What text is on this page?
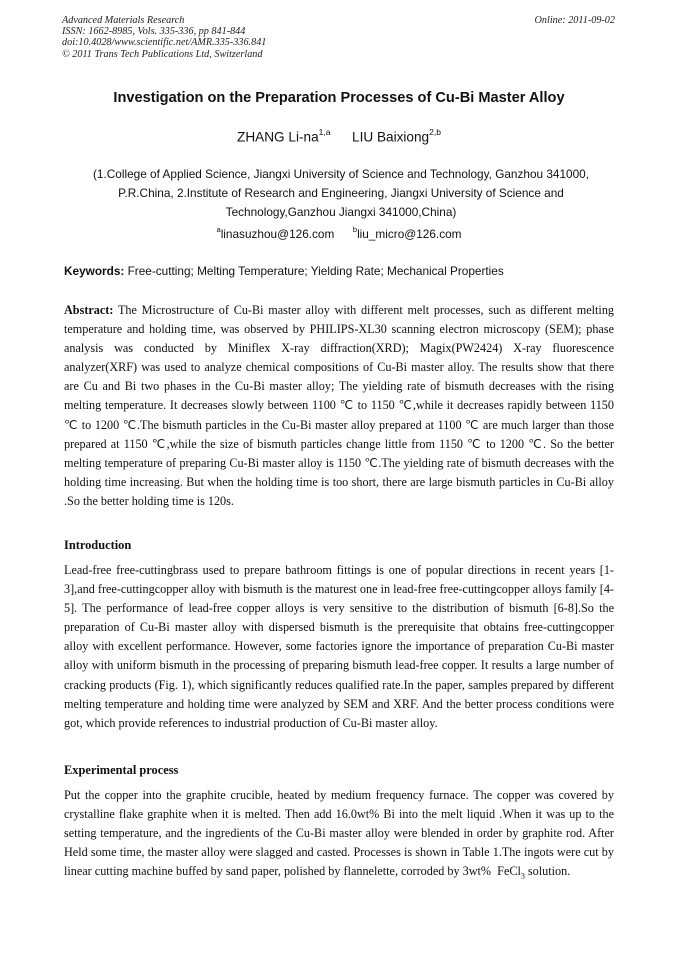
Advanced Materials Research
ISSN: 1662-8985, Vols. 335-336, pp 841-844
doi:10.4028/www.scientific.net/AMR.335-336.841
© 2011 Trans Tech Publications Ltd, Switzerland
Online: 2011-09-02
Investigation on the Preparation Processes of Cu-Bi Master Alloy
ZHANG Li-na$^{1,a}$ LIU Baixiong$^{2,b}$
(1.College of Applied Science, Jiangxi University of Science and Technology, Ganzhou 341000, P.R.China, 2.Institute of Research and Engineering, Jiangxi University of Science and Technology,Ganzhou Jiangxi 341000,China)
$^a$linasuzhou@126.com $^b$liu_micro@126.com
Keywords: Free-cutting; Melting Temperature; Yielding Rate; Mechanical Properties
Abstract: The Microstructure of Cu-Bi master alloy with different melt processes, such as different melting temperature and holding time, was observed by PHILIPS-XL30 scanning electron microscopy (SEM); phase analysis was conducted by Miniflex X-ray diffraction(XRD); Magix(PW2424) X-ray fluorescence analyzer(XRF) was used to analyze chemical compositions of Cu-Bi master alloy. The results show that there are Cu and Bi two phases in the Cu-Bi master alloy; The yielding rate of bismuth decreases with the rising melting temperature. It decreases slowly between 1100 ℃ to 1150 ℃,while it decreases rapidly between 1150 ℃ to 1200 ℃.The bismuth particles in the Cu-Bi master alloy prepared at 1100 ℃ are much larger than those prepared at 1150 ℃,while the size of bismuth particles change little from 1150 ℃ to 1200 ℃. So the better melting temperature of preparing Cu-Bi master alloy is 1150 ℃.The yielding rate of bismuth decreases with the holding time increasing. But when the holding time is too short, there are large bismuth particles in Cu-Bi alloy .So the better holding time is 120s.
Introduction
Lead-free free-cuttingbrass used to prepare bathroom fittings is one of popular directions in recent years [1-3],and free-cuttingcopper alloy with bismuth is the maturest one in lead-free free-cuttingcopper alloys family [4-5]. The performance of lead-free copper alloys is very sensitive to the distribution of bismuth [6-8].So the preparation of Cu-Bi master alloy with dispersed bismuth is the prerequisite that obtains free-cuttingcopper alloy with excellent performance. However, some factories ignore the importance of preparation Cu-Bi master alloy with uniform bismuth in the processing of preparing bismuth lead-free copper. It results a large number of cracking products (Fig. 1), which significantly reduces qualified rate.In the paper, samples prepared by different melting temperature and holding time were analyzed by SEM and XRF. And the better process conditions were got, which provide references to industrial production of Cu-Bi master alloy.
Experimental process
Put the copper into the graphite crucible, heated by medium frequency furnace. The copper was covered by crystalline flake graphite when it is melted. Then add 16.0wt% Bi into the melt liquid .When it was up to the setting temperature, and the ingredients of the Cu-Bi master alloy were blended in order by graphite rod. After Held some time, the master alloy were slagged and casted. Processes is shown in Table 1.The ingots were cut by linear cutting machine buffed by sand paper, polished by flannelette, corroded by 3wt% FeCl$_3$ solution.
